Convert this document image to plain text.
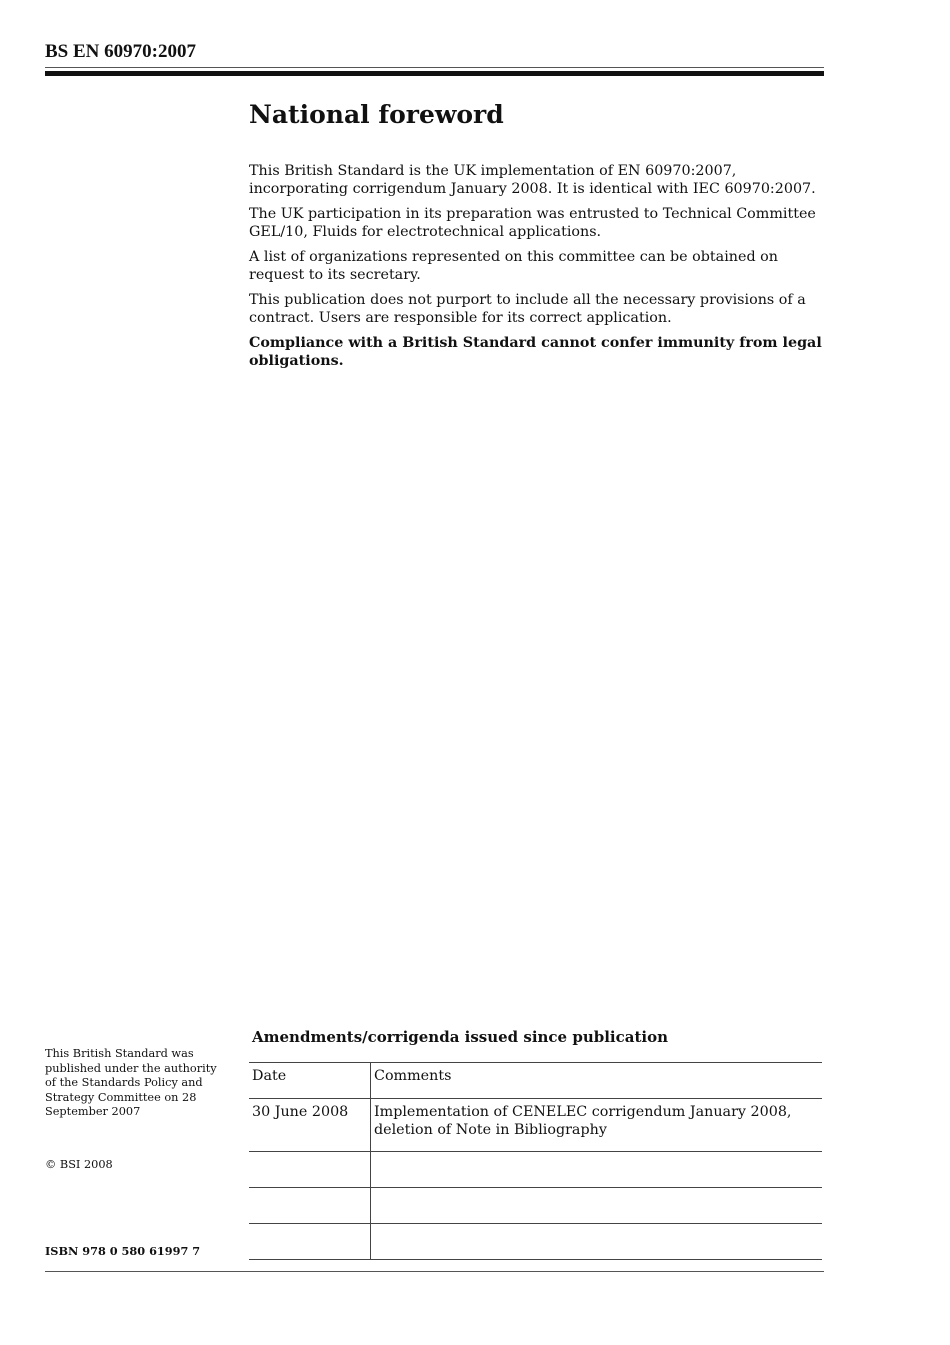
BS EN 60970:2007
National foreword

This British Standard is the UK implementation of EN 60970:2007, incorporating corrigendum January 2008. It is identical with IEC 60970:2007.

The UK participation in its preparation was entrusted to Technical Committee GEL/10, Fluids for electrotechnical applications.

A list of organizations represented on this committee can be obtained on request to its secretary.

This publication does not purport to include all the necessary provisions of a contract. Users are responsible for its correct application.

Compliance with a British Standard cannot confer immunity from legal obligations.

This British Standard was published under the authority of the Standards Policy and Strategy Committee on 28 September 2007
© BSI 2008
ISBN 978 0 580 61997 7
Amendments/corrigenda issued since publication
Date	Comments
30 June 2008	Implementation of CENELEC corrigendum January 2008, deletion of Note in Bibliography
